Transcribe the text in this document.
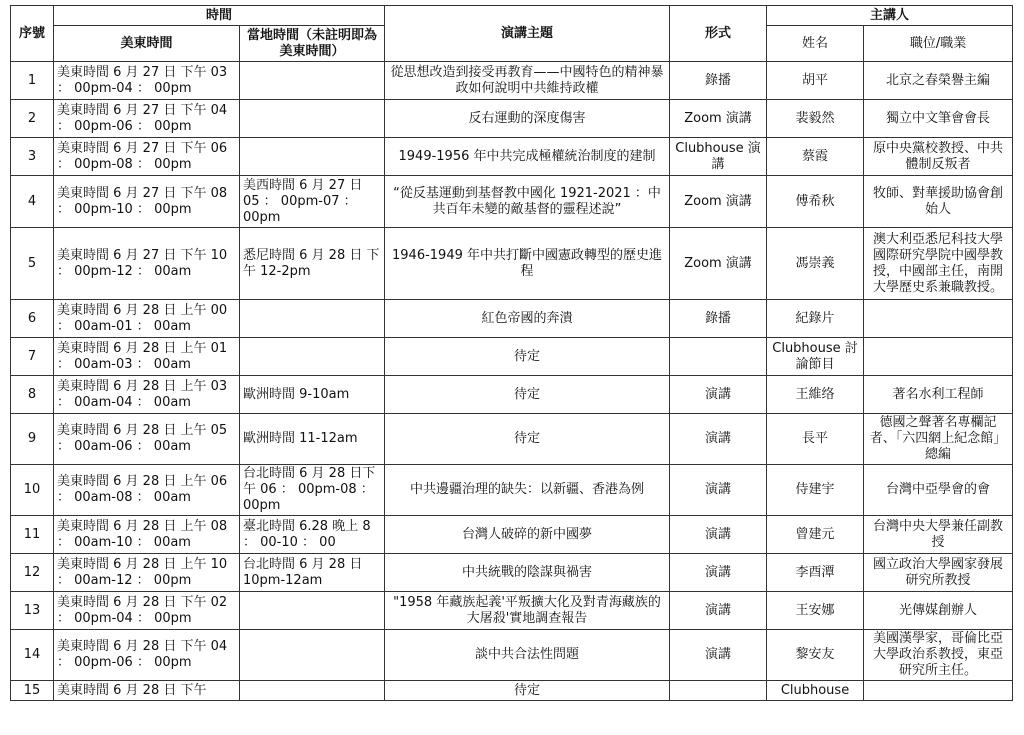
序號	時間		演講主題	形式	主講人	
	美東時間	當地時間（未註明即為美東時間）			姓名	職位/職業
1	美東時間 6 月 27 日 下午 03 ： 00pm-04 ： 00pm		從思想改造到接受再教育——中國特色的精神暴政如何說明中共維持政權	錄播	胡平	北京之春榮譽主編
2	美東時間 6 月 27 日 下午 04 ： 00pm-06 ： 00pm		反右運動的深度傷害	Zoom 演講	裴毅然	獨立中文筆會會長
3	美東時間 6 月 27 日 下午 06 ： 00pm-08 ： 00pm		1949-1956 年中共完成極權統治制度的建制	Clubhouse 演講	蔡霞	原中央黨校教授、中共體制反叛者
4	美東時間 6 月 27 日 下午 08 ： 00pm-10 ： 00pm	美西時間 6 月 27 日 05 ： 00pm-07 ： 00pm	“從反基運動到基督教中國化 1921-2021 ：中共百年未變的敵基督的靈程述說”	Zoom 演講	傅希秋	牧師、對華援助協會創始人
5	美東時間 6 月 27 日 下午 10 ： 00pm-12 ： 00am	悉尼時間 6 月 28 日 下午 12-2pm	1946-1949 年中共打斷中國憲政轉型的歷史進程	Zoom 演講	馮崇義	澳大利亞悉尼科技大學國際研究學院中國學教授，中國部主任，南開大學歷史系兼職教授。
6	美東時間 6 月 28 日 上午 00 ： 00am-01 ： 00am		紅色帝國的奔潰	錄播	紀錄片	
7	美東時間 6 月 28 日 上午 01 ： 00am-03 ： 00am		待定		Clubhouse 討論節目	
8	美東時間 6 月 28 日 上午 03 ： 00am-04 ： 00am	歐洲時間 9-10am	待定	演講	王維络	著名水利工程師
9	美東時間 6 月 28 日 上午 05 ： 00am-06 ： 00am	歐洲時間 11-12am	待定	演講	長平	德國之聲著名專欄記者、「六四網上紀念館」總編
10	美東時間 6 月 28 日 上午 06 ： 00am-08 ： 00am	台北時間 6 月 28 日下午 06 ： 00pm-08 ： 00pm	中共邊疆治理的缺失：以新疆、香港為例	演講	侍建宇	台灣中亞學會的會
11	美東時間 6 月 28 日 上午 08 ： 00am-10 ： 00am	臺北時間 6.28 晚上 8 ： 00-10 ： 00	台灣人破碎的新中國夢	演講	曾建元	台灣中央大學兼任副教授
12	美東時間 6 月 28 日 上午 10 ： 00am-12 ： 00pm	台北時間 6 月 28 日 10pm-12am	中共統戰的陰謀與禍害	演講	李酉潭	國立政治大學國家發展研究所教授
13	美東時間 6 月 28 日 下午 02 ： 00pm-04 ： 00pm		"1958 年藏族起義'平叛擴大化及對青海藏族的大屠殺'實地調查報告	演講	王安娜	光傳媒創辦人
14	美東時間 6 月 28 日 下午 04 ： 00pm-06 ： 00pm		談中共合法性問題	演講	黎安友	美國漢學家，哥倫比亞大學政治系教授，東亞研究所主任。
15	美東時間 6 月 28 日 下午		待定		Clubhouse	
